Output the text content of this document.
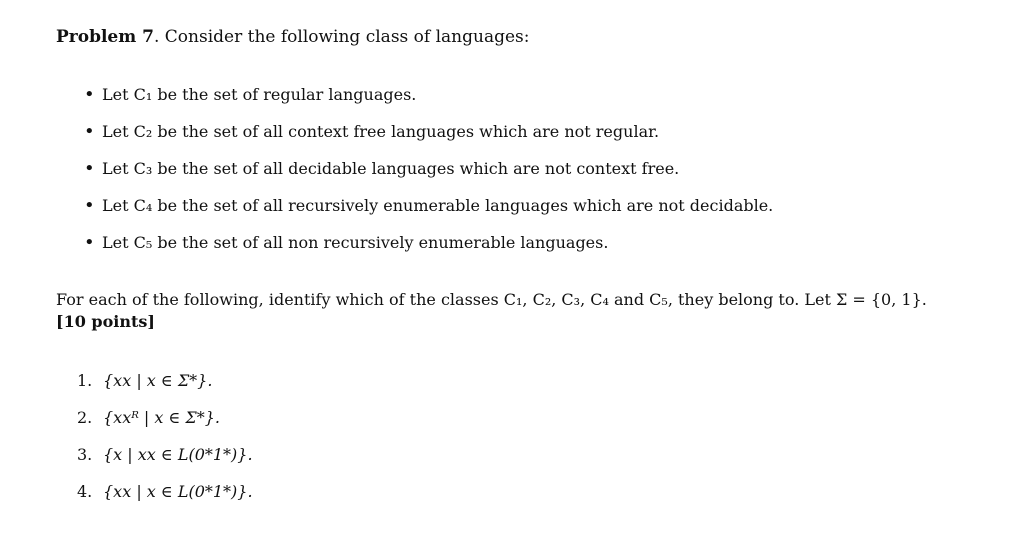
Problem 7. Consider the following class of languages:
• Let C₁ be the set of regular languages.
• Let C₂ be the set of all context free languages which are not regular.
• Let C₃ be the set of all decidable languages which are not context free.
• Let C₄ be the set of all recursively enumerable languages which are not decidable.
• Let C₅ be the set of all non recursively enumerable languages.
For each of the following, identify which of the classes C₁, C₂, C₃, C₄ and C₅, they belong to. Let Σ = {0, 1}.
[10 points]
1. {xx | x ∈ Σ*}.
2. {xxᴿ | x ∈ Σ*}.
3. {x | xx ∈ L(0*1*)}.
4. {xx | x ∈ L(0*1*)}.
